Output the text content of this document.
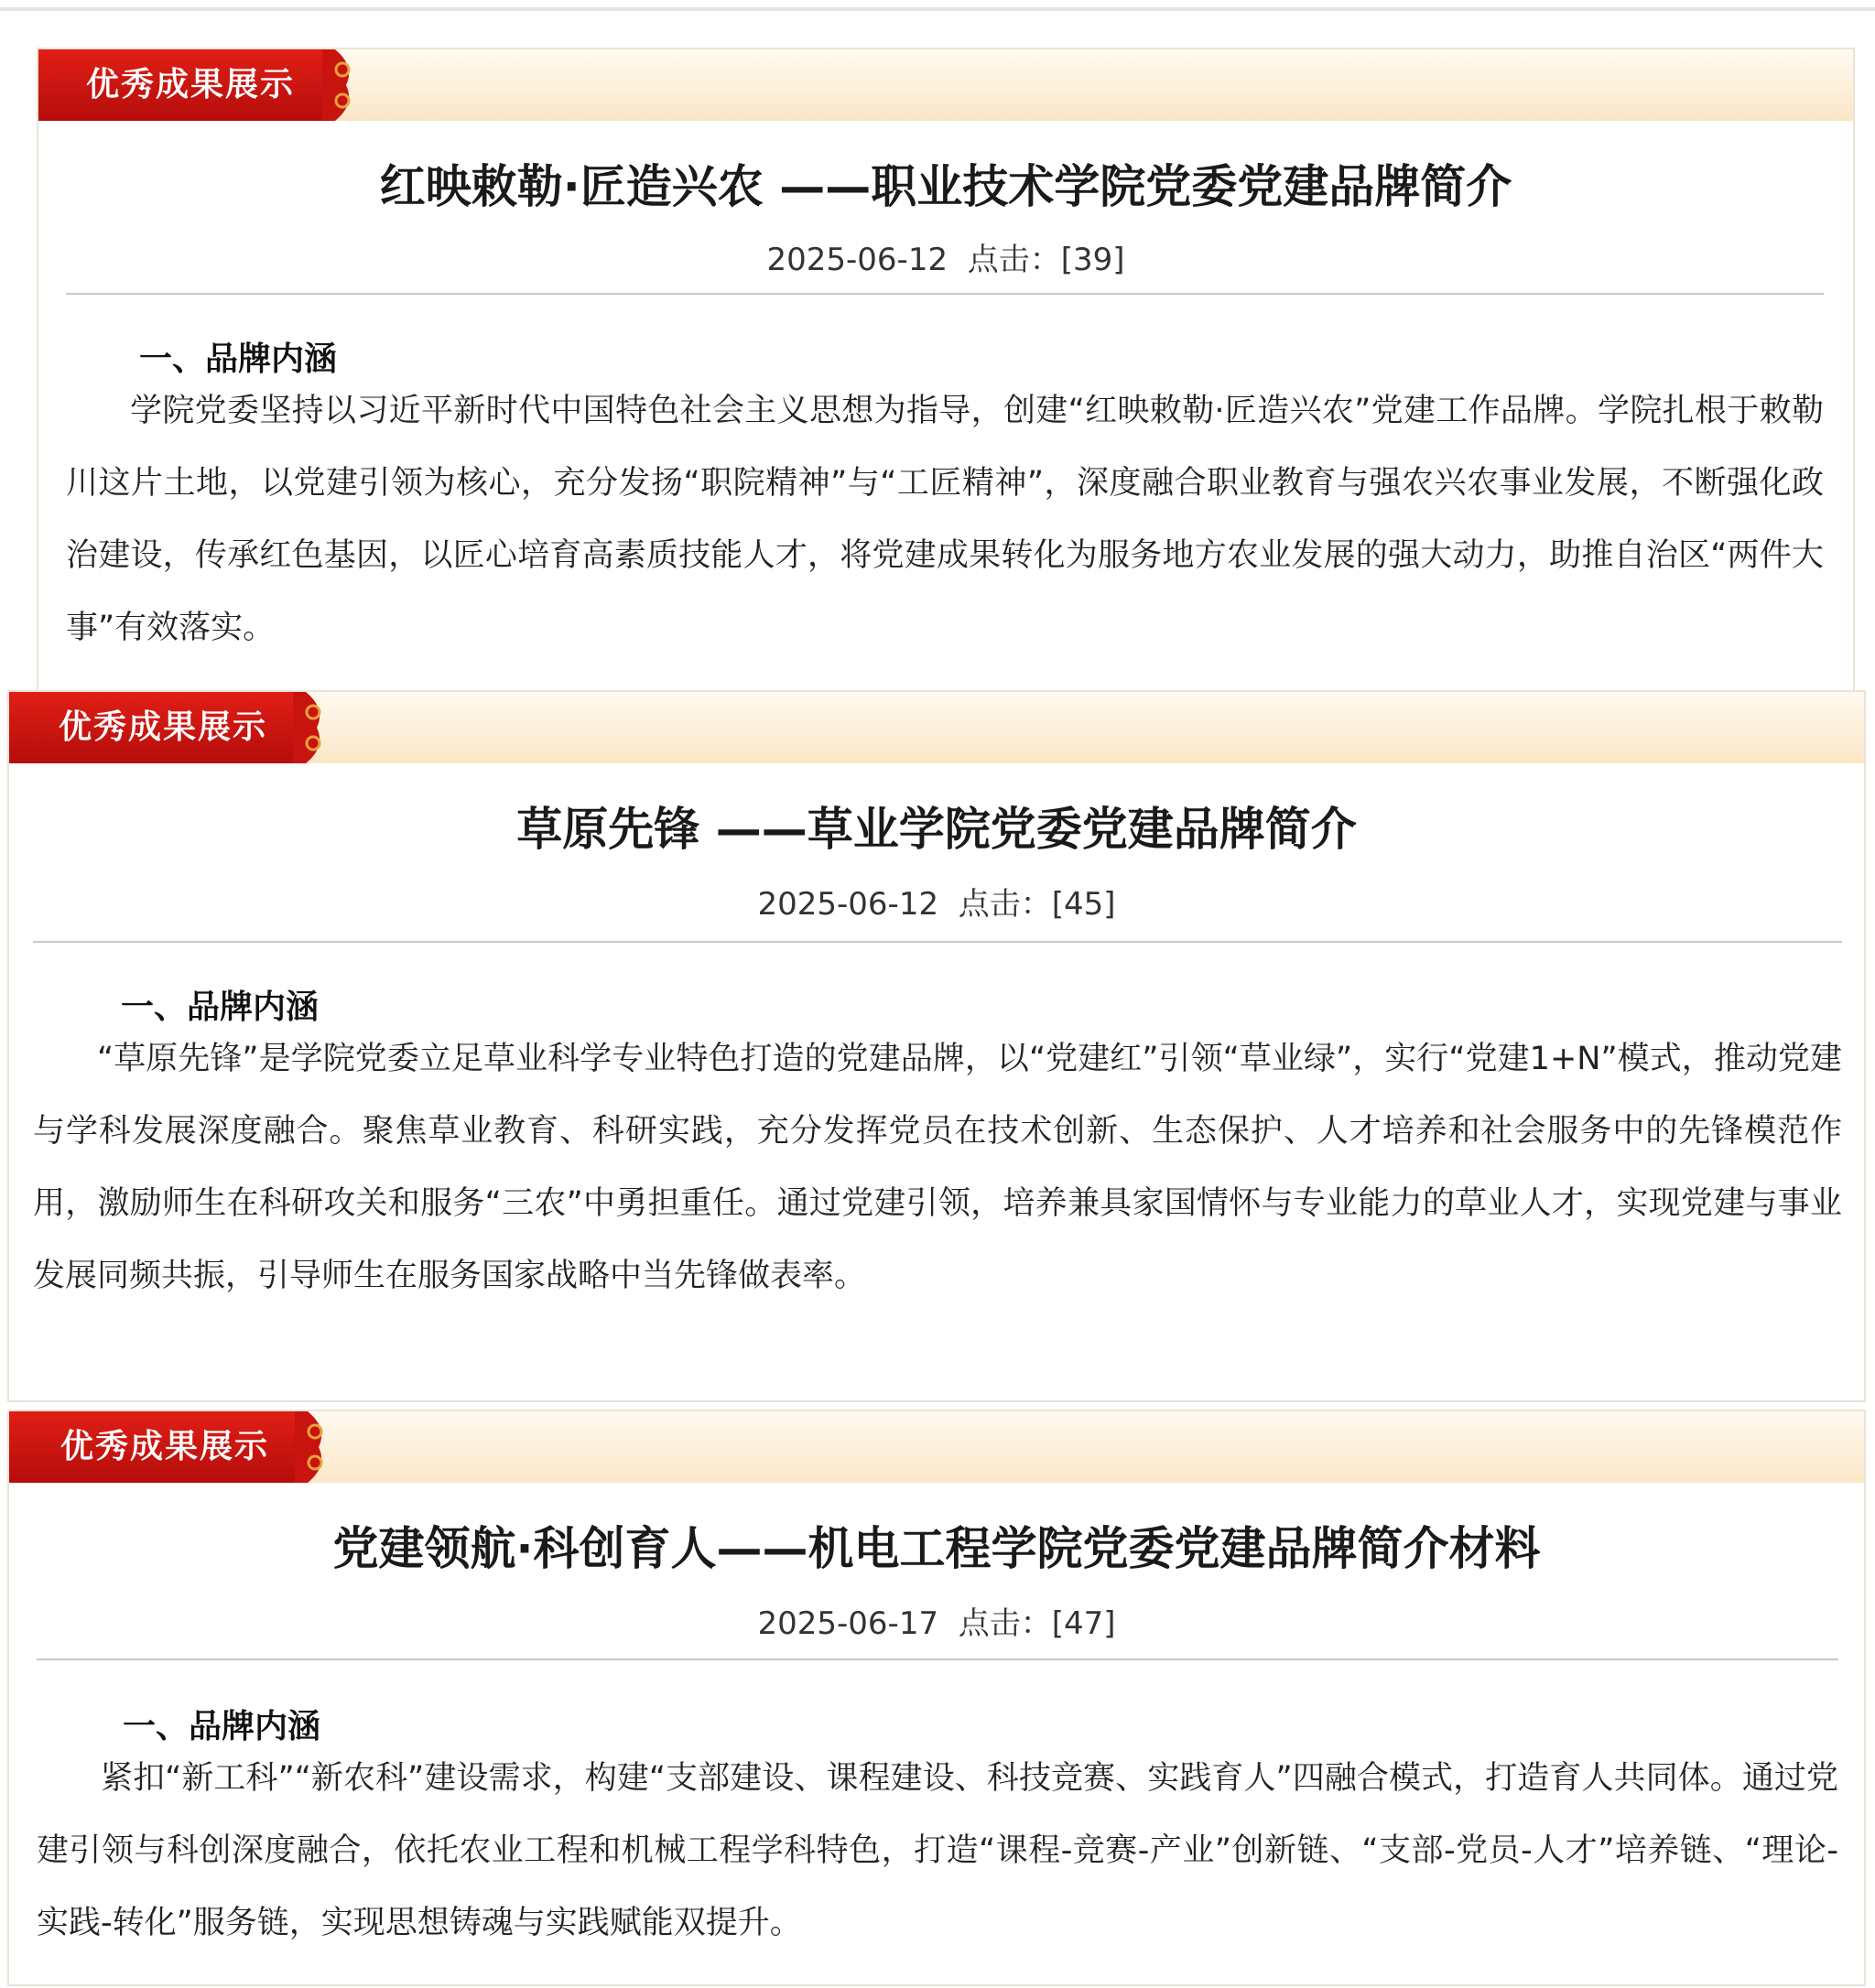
优秀成果展示
红映敕勒·匠造兴农 ——职业技术学院党委党建品牌简介
2025-06-12 点击：[39]
一、品牌内涵

学院党委坚持以习近平新时代中国特色社会主义思想为指导，创建“红映敕勒·匠造兴农”党建工作品牌。学院扎根于敕勒川这片土地，以党建引领为核心，充分发扬“职院精神”与“工匠精神”，深度融合职业教育与强农兴农事业发展，不断强化政治建设，传承红色基因，以匠心培育高素质技能人才，将党建成果转化为服务地方农业发展的强大动力，助推自治区“两件大事”有效落实。

优秀成果展示
草原先锋 ——草业学院党委党建品牌简介
2025-06-12 点击：[45]
一、品牌内涵

“草原先锋”是学院党委立足草业科学专业特色打造的党建品牌，以“党建红”引领“草业绿”，实行“党建1+N”模式，推动党建与学科发展深度融合。聚焦草业教育、科研实践，充分发挥党员在技术创新、生态保护、人才培养和社会服务中的先锋模范作用，激励师生在科研攻关和服务“三农”中勇担重任。通过党建引领，培养兼具家国情怀与专业能力的草业人才，实现党建与事业发展同频共振，引导师生在服务国家战略中当先锋做表率。

优秀成果展示
党建领航·科创育人——机电工程学院党委党建品牌简介材料
2025-06-17 点击：[47]
一、品牌内涵

紧扣“新工科”“新农科”建设需求，构建“支部建设、课程建设、科技竞赛、实践育人”四融合模式，打造育人共同体。通过党建引领与科创深度融合，依托农业工程和机械工程学科特色，打造“课程-竞赛-产业”创新链、“支部-党员-人才”培养链、“理论-实践-转化”服务链，实现思想铸魂与实践赋能双提升。
